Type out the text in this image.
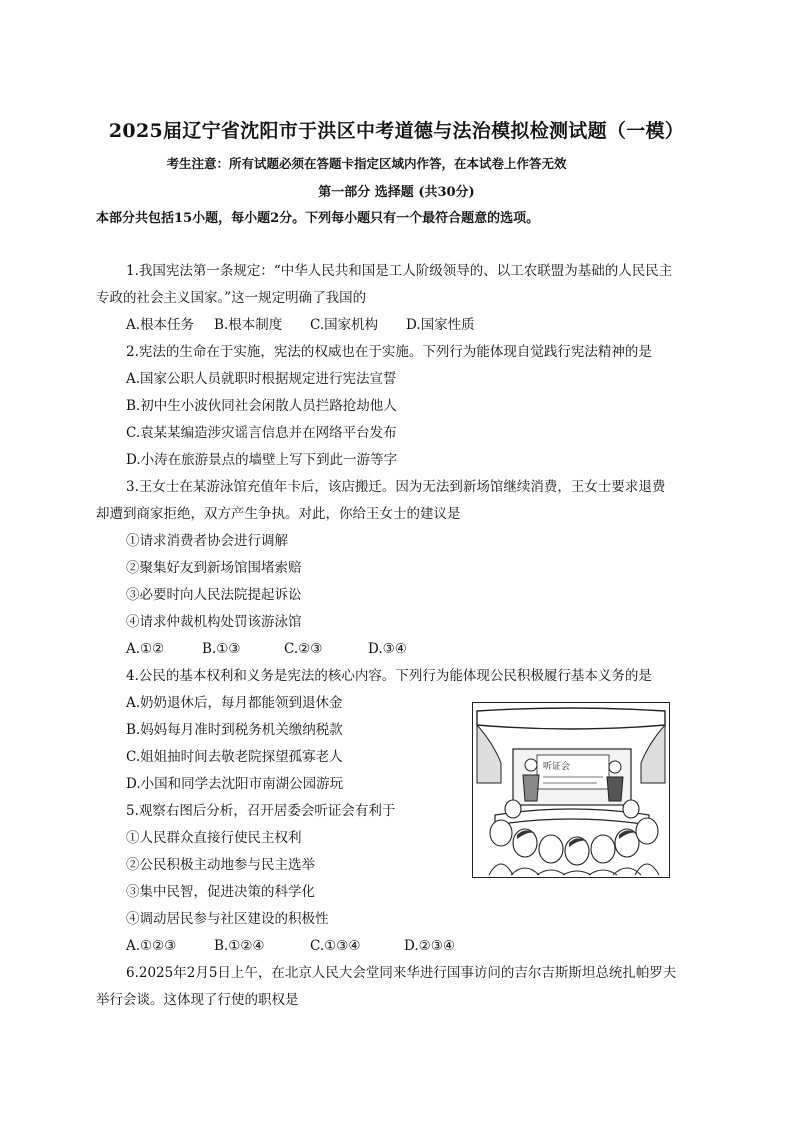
2025届辽宁省沈阳市于洪区中考道德与法治模拟检测试题（一模）
考生注意：所有试题必须在答题卡指定区域内作答，在本试卷上作答无效
第一部分 选择题 (共30分)
本部分共包括15小题，每小题2分。下列每小题只有一个最符合题意的选项。
1.我国宪法第一条规定：“中华人民共和国是工人阶级领导的、以工农联盟为基础的人民民主
专政的社会主义国家。”这一规定明确了我国的
A.根本任务 B.根本制度 C.国家机构 D.国家性质
2.宪法的生命在于实施，宪法的权威也在于实施。下列行为能体现自觉践行宪法精神的是
A.国家公职人员就职时根据规定进行宪法宣誓
B.初中生小波伙同社会闲散人员拦路抢劫他人
C.袁某某编造涉灾谣言信息并在网络平台发布
D.小涛在旅游景点的墙壁上写下到此一游等字
3.王女士在某游泳馆充值年卡后，该店搬迁。因为无法到新场馆继续消费，王女士要求退费
却遭到商家拒绝，双方产生争执。对此，你给王女士的建议是
①请求消费者协会进行调解
②聚集好友到新场馆围堵索赔
③必要时向人民法院提起诉讼
④请求仲裁机构处罚该游泳馆
A.①②	B.①③	C.②③	D.③④
4.公民的基本权利和义务是宪法的核心内容。下列行为能体现公民积极履行基本义务的是
A.奶奶退休后，每月都能领到退休金
B.妈妈每月准时到税务机关缴纳税款
C.姐姐抽时间去敬老院探望孤寡老人
D.小国和同学去沈阳市南湖公园游玩
5.观察右图后分析，召开居委会听证会有利于
①人民群众直接行使民主权利
②公民积极主动地参与民主选举
③集中民智，促进决策的科学化
④调动居民参与社区建设的积极性
A.①②③	B.①②④	C.①③④	D.②③④
6.2025年2月5日上午，在北京人民大会堂同来华进行国事访问的吉尔吉斯斯坦总统扎帕罗夫
举行会谈。这体现了行使的职权是
听证会
